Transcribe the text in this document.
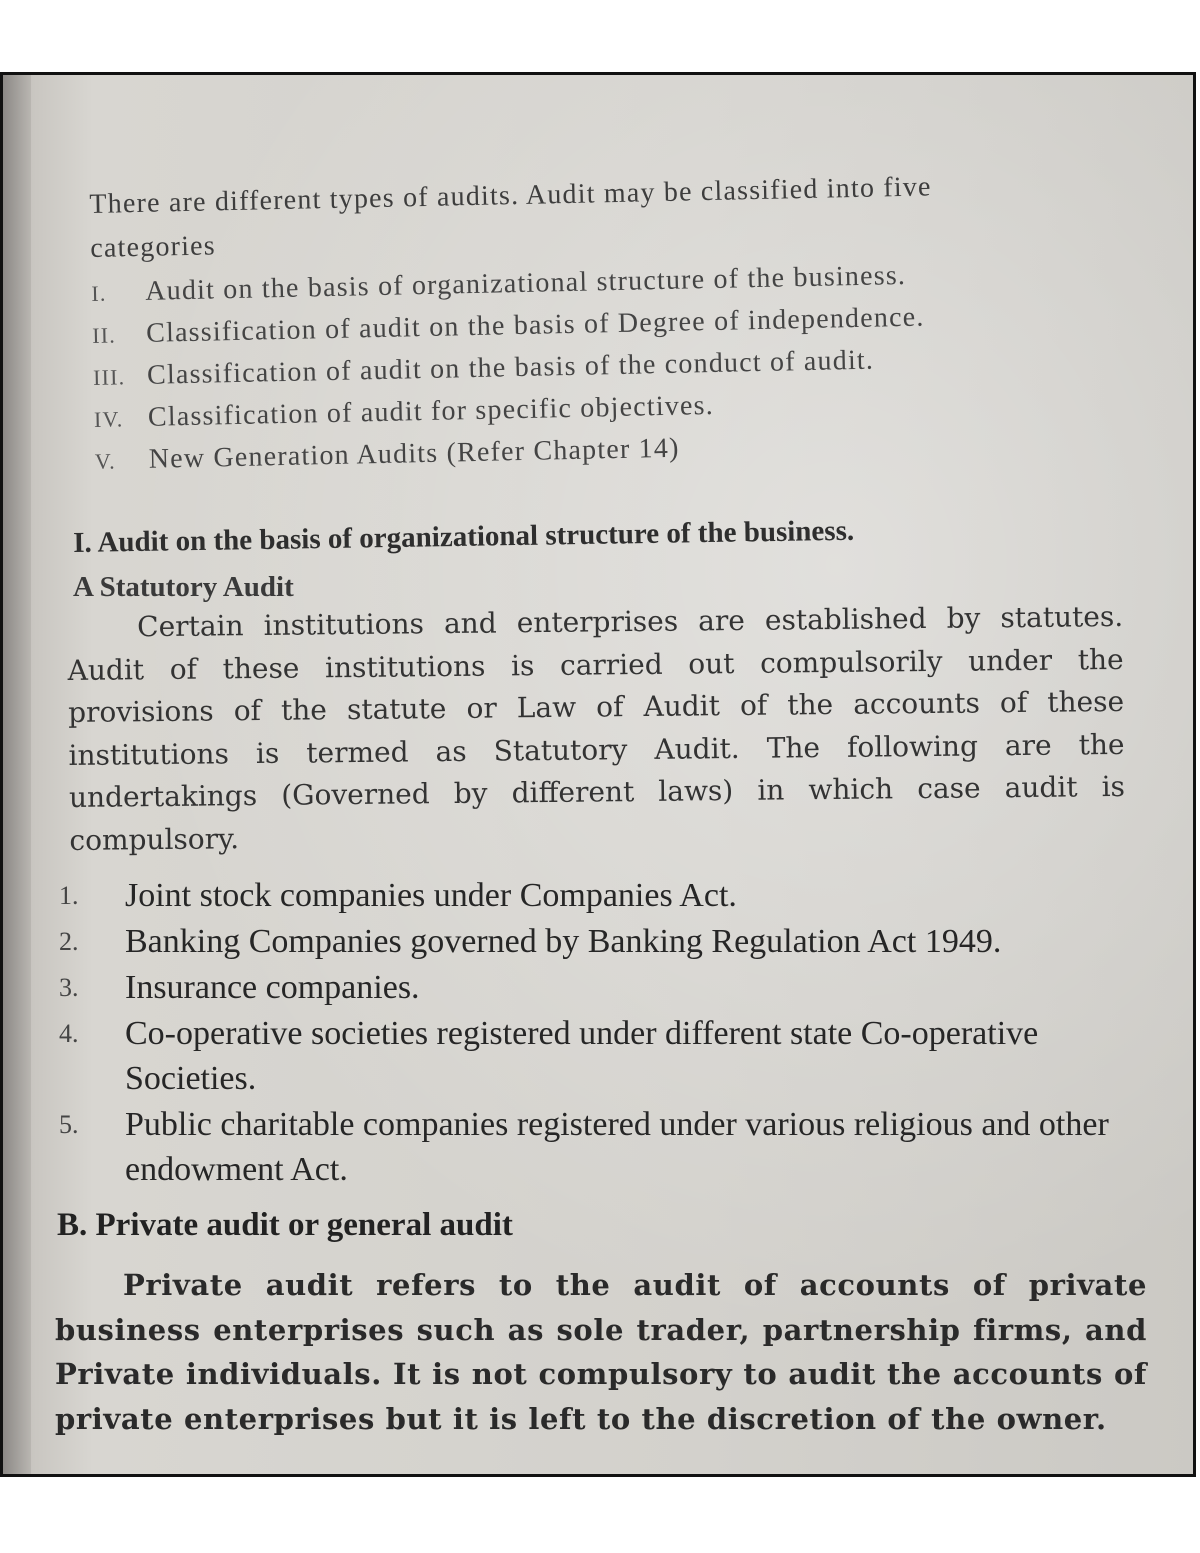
There are different types of audits. Audit may be classified into five

categories

I.	Audit on the basis of organizational structure of the business.
II.	Classification of audit on the basis of Degree of independence.
III. Classification of audit on the basis of the conduct of audit.
IV. Classification of audit for specific objectives.
V.	New Generation Audits (Refer Chapter 14)
I. Audit on the basis of organizational structure of the business.
A Statutory Audit

Certain institutions and enterprises are established by statutes. Audit of these institutions is carried out compulsorily under the provisions of the statute or Law of Audit of the accounts of these institutions is termed as Statutory Audit. The following are the undertakings (Governed by different laws) in which case audit is compulsory.

1.	Joint stock companies under Companies Act.
2.	Banking Companies governed by Banking Regulation Act 1949.
3.	Insurance companies.
4.	Co-operative societies registered under different state Co-operative Societies.
5.	Public charitable companies registered under various religious and other endowment Act.
B. Private audit or general audit

Private audit refers to the audit of accounts of private business enterprises such as sole trader, partnership firms, and Private individuals. It is not compulsory to audit the accounts of private enterprises but it is left to the discretion of the owner.
